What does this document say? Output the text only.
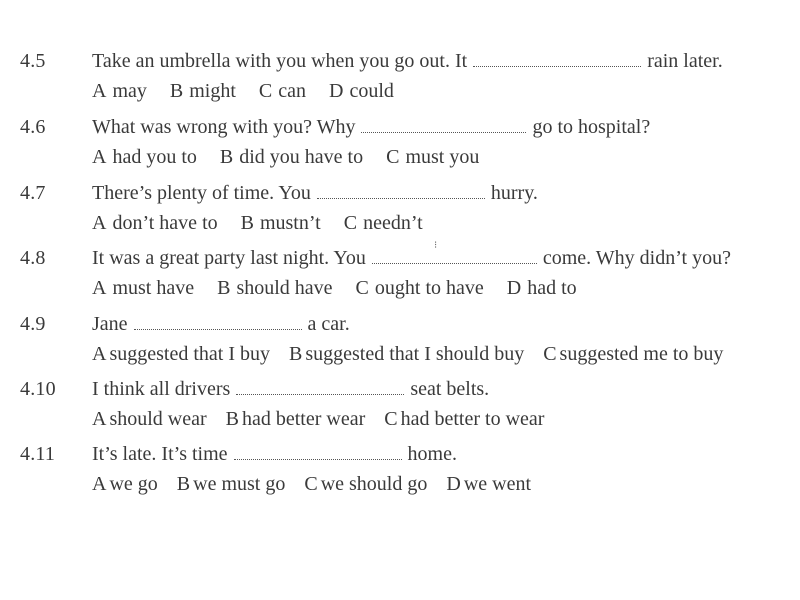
4.5 Take an umbrella with you when you go out. It	rain later.
A may B might C can D could
4.6 What was wrong with you? Why	go to hospital?
A had you to B did you have to C must you
4.7 There’s plenty of time. You	hurry.
A don’t have to B mustn’t C needn’t
⁝
4.8 It was a great party last night. You	come. Why didn’t you?
A must have B should have C ought to have D had to
4.9 Jane	a car.
A suggested that I buy B suggested that I should buy C suggested me to buy
4.10 I think all drivers	seat belts.
A should wear B had better wear C had better to wear
4.11 It’s late. It’s time	home.
A we go B we must go C we should go D we went
